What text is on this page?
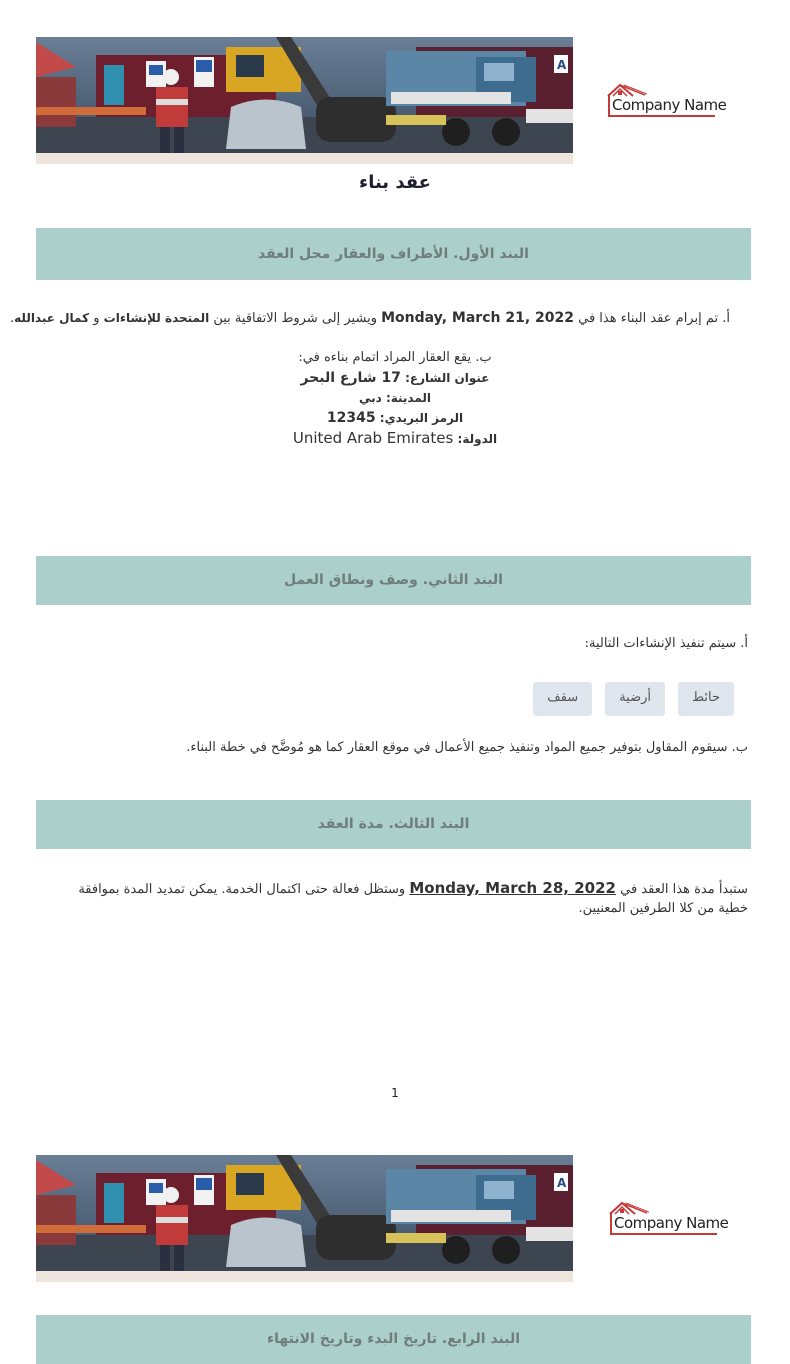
A
Company Name
عقد بناء
البند الأول. الأطراف والعقار محل العقد
أ. تم إبرام عقد البناء هذا في Monday, March 21, 2022 ويشير إلى شروط الاتفاقية بين المتحدة للإنشاءات و كمال عبدالله.
ب. يقع العقار المراد اتمام بناءه في:
عنوان الشارع: 17 شارع البحر
المدينة: دبي
الرمز البريدي: 12345
الدولة: United Arab Emirates
البند الثاني. وصف ونطاق العمل
أ. سيتم تنفيذ الإنشاءات التالية:
حائط
أرضية
سقف
ب. سيقوم المقاول بتوفير جميع المواد وتنفيذ جميع الأعمال في موقع العقار كما هو مُوضَّح في خطة البناء.
البند الثالث. مدة العقد
ستبدأ مدة هذا العقد في Monday, March 28, 2022 وستظل فعالة حتى اكتمال الخدمة. يمكن تمديد المدة بموافقة خطية من كلا الطرفين المعنيين.
1
A
Company Name
البند الرابع. تاريخ البدء وتاريخ الانتهاء
